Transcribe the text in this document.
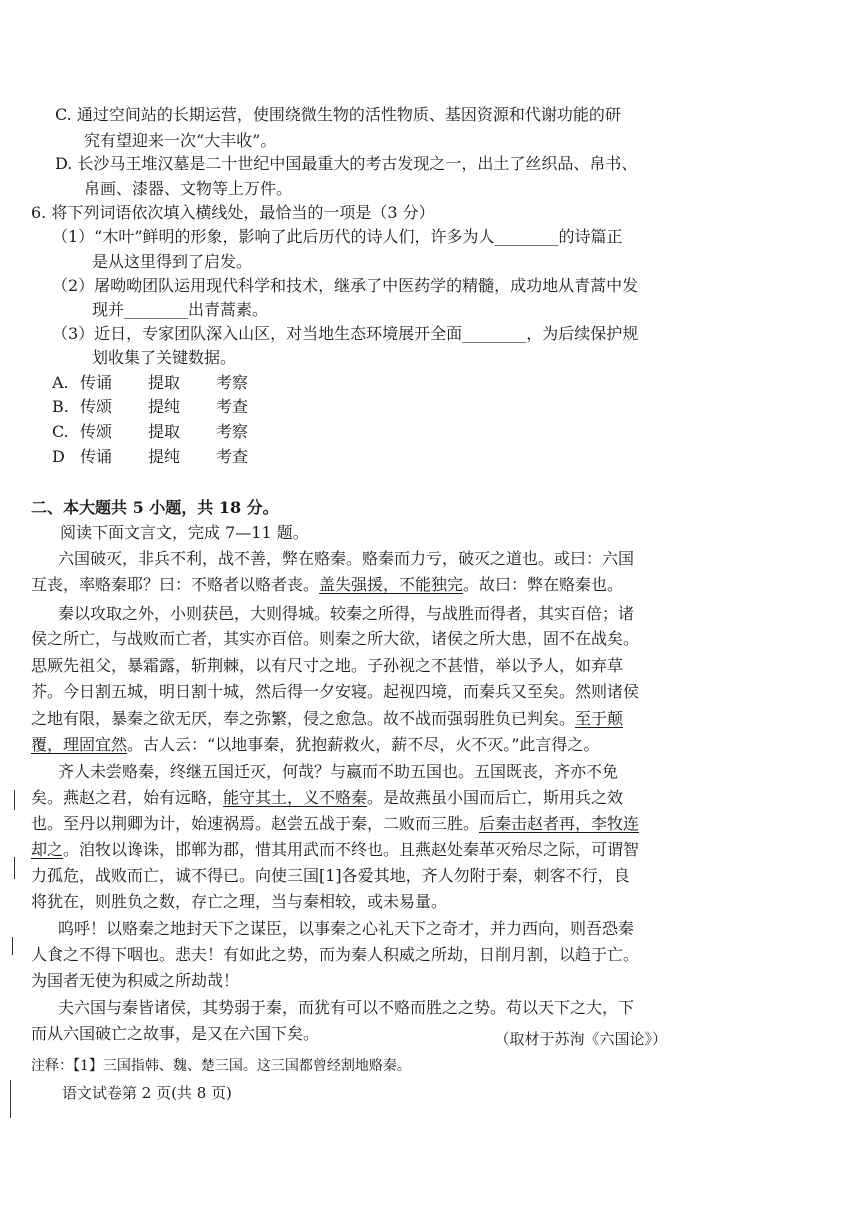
C. 通过空间站的长期运营，使围绕微生物的活性物质、基因资源和代谢功能的研
究有望迎来一次“大丰收”。
D. 长沙马王堆汉墓是二十世纪中国最重大的考古发现之一，出土了丝织品、帛书、
帛画、漆器、文物等上万件。
6. 将下列词语依次填入横线处，最恰当的一项是（3 分）
（1）“木叶”鲜明的形象，影响了此后历代的诗人们，许多为人________的诗篇正
是从这里得到了启发。
（2）屠呦呦团队运用现代科学和技术，继承了中医药学的精髓，成功地从青蒿中发
现并________出青蒿素。
（3）近日，专家团队深入山区，对当地生态环境展开全面________，为后续保护规
划收集了关键数据。
A. 传诵 提取 考察
B. 传颂 提纯 考查
C. 传颂 提取 考察
D 传诵 提纯 考查
二、本大题共 5 小题，共 18 分。
阅读下面文言文，完成 7—11 题。
六国破灭，非兵不利，战不善，弊在赂秦。赂秦而力亏，破灭之道也。或曰：六国
互丧，率赂秦耶？曰：不赂者以赂者丧。盖失强援，不能独完。故曰：弊在赂秦也。
秦以攻取之外，小则获邑，大则得城。较秦之所得，与战胜而得者，其实百倍；诸
侯之所亡，与战败而亡者，其实亦百倍。则秦之所大欲，诸侯之所大患，固不在战矣。
思厥先祖父，暴霜露，斩荆棘，以有尺寸之地。子孙视之不甚惜，举以予人，如弃草
芥。今日割五城，明日割十城，然后得一夕安寝。起视四境，而秦兵又至矣。然则诸侯
之地有限，暴秦之欲无厌，奉之弥繁，侵之愈急。故不战而强弱胜负已判矣。至于颠
覆，理固宜然。古人云：“以地事秦，犹抱薪救火，薪不尽，火不灭。”此言得之。
齐人未尝赂秦，终继五国迁灭，何哉？与嬴而不助五国也。五国既丧，齐亦不免
矣。燕赵之君，始有远略，能守其土，义不赂秦。是故燕虽小国而后亡，斯用兵之效
也。至丹以荆卿为计，始速祸焉。赵尝五战于秦，二败而三胜。后秦击赵者再，李牧连
却之。洎牧以谗诛，邯郸为郡，惜其用武而不终也。且燕赵处秦革灭殆尽之际，可谓智
力孤危，战败而亡，诚不得已。向使三国[1]各爱其地，齐人勿附于秦，刺客不行，良
将犹在，则胜负之数，存亡之理，当与秦相较，或未易量。
呜呼！以赂秦之地封天下之谋臣，以事秦之心礼天下之奇才，并力西向，则吾恐秦
人食之不得下咽也。悲夫！有如此之势，而为秦人积威之所劫，日削月割，以趋于亡。
为国者无使为积威之所劫哉！
夫六国与秦皆诸侯，其势弱于秦，而犹有可以不赂而胜之之势。苟以天下之大，下
而从六国破亡之故事，是又在六国下矣。	（取材于苏洵《六国论》）
注释：【1】三国指韩、魏、楚三国。这三国都曾经割地赂秦。
语文试卷第 2 页(共 8 页)
